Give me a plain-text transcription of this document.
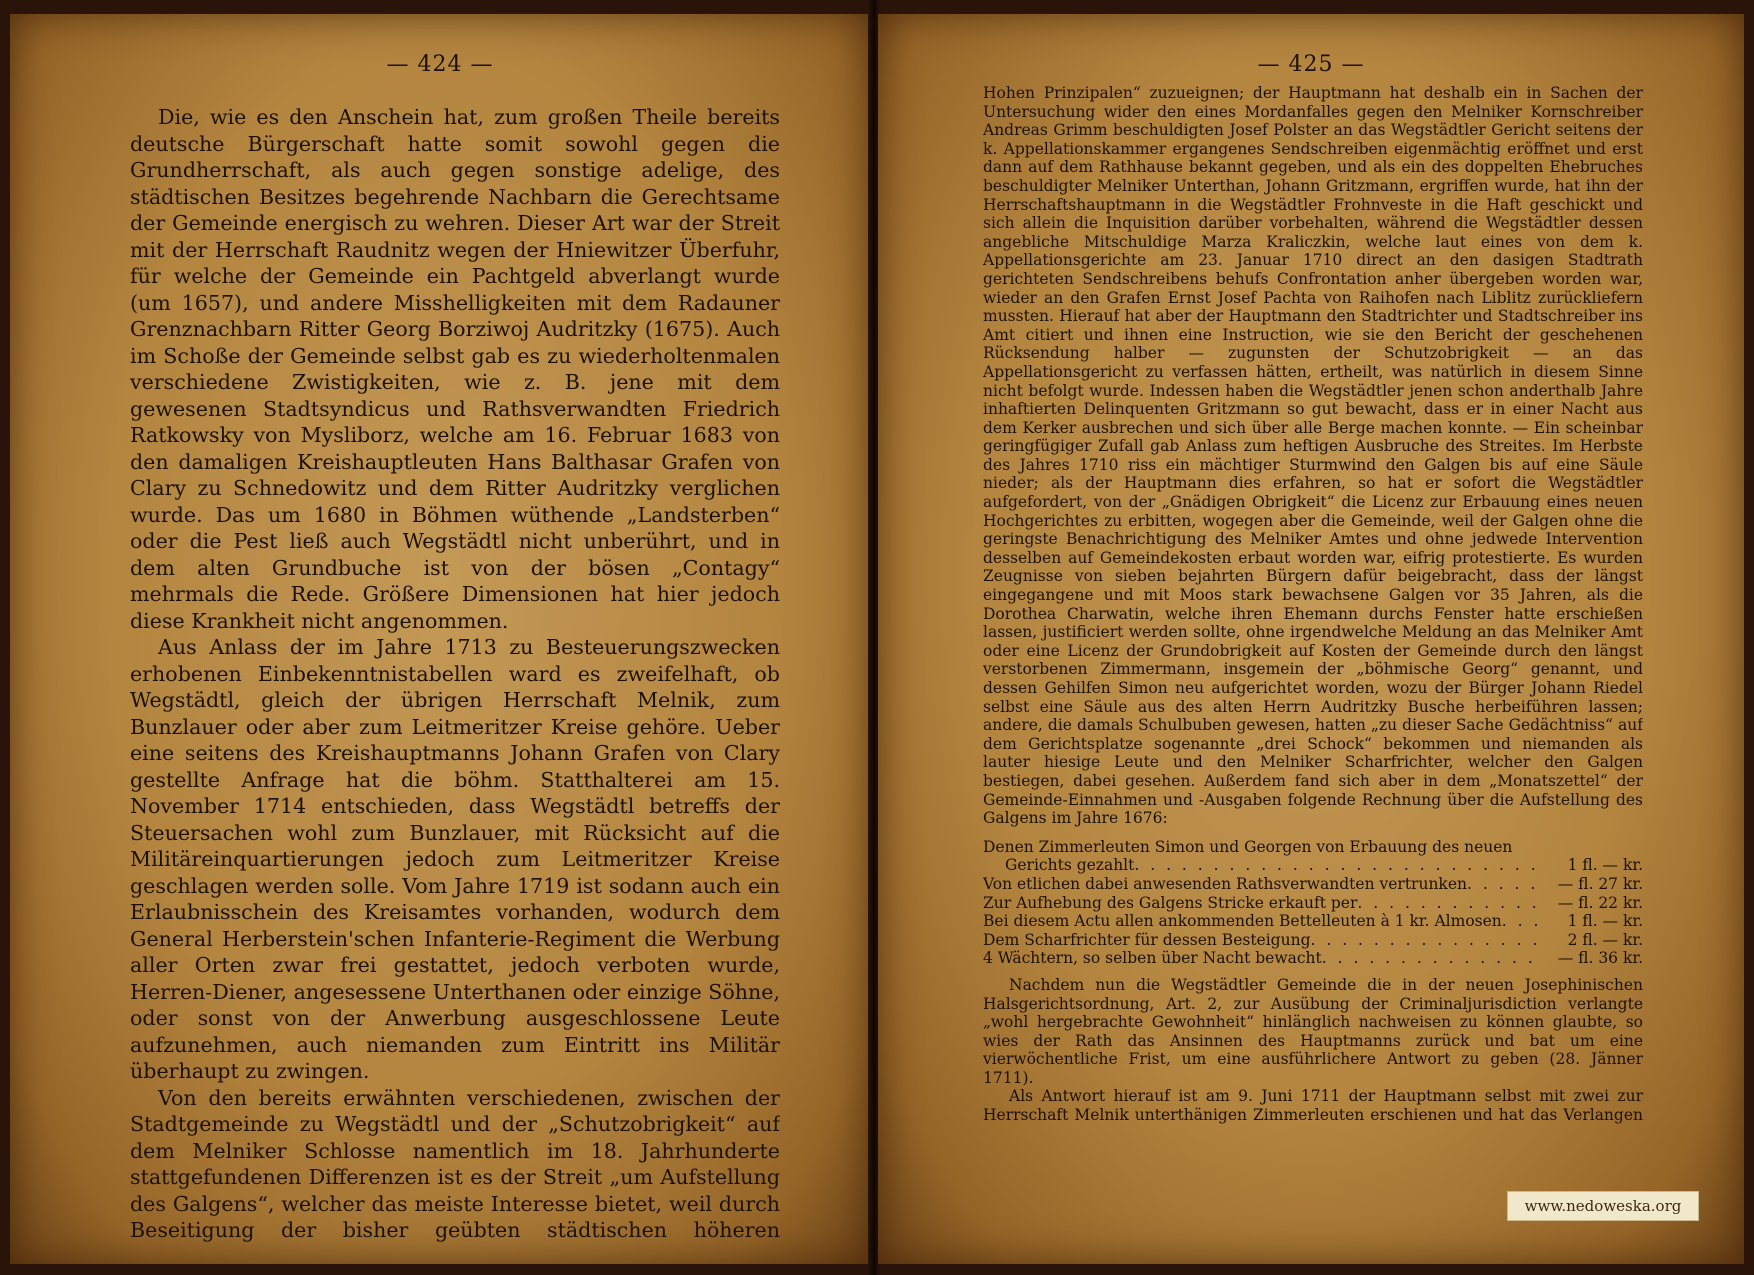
— 424 —

Die, wie es den Anschein hat, zum großen Theile bereits deutsche Bürgerschaft hatte somit sowohl gegen die Grundherrschaft, als auch gegen sonstige adelige, des städtischen Besitzes begehrende Nachbarn die Gerechtsame der Gemeinde energisch zu wehren. Dieser Art war der Streit mit der Herrschaft Raudnitz wegen der Hniewitzer Überfuhr, für welche der Gemeinde ein Pachtgeld abverlangt wurde (um 1657), und andere Misshelligkeiten mit dem Radauner Grenznachbarn Ritter Georg Borziwoj Audritzky (1675). Auch im Schoße der Gemeinde selbst gab es zu wiederholtenmalen verschiedene Zwistigkeiten, wie z. B. jene mit dem gewesenen Stadtsyndicus und Rathsverwandten Friedrich Ratkowsky von Mysliborz, welche am 16. Februar 1683 von den damaligen Kreishauptleuten Hans Balthasar Grafen von Clary zu Schnedowitz und dem Ritter Audritzky verglichen wurde. Das um 1680 in Böhmen wüthende „Landsterben“ oder die Pest ließ auch Wegstädtl nicht unberührt, und in dem alten Grundbuche ist von der bösen „Contagy“ mehrmals die Rede. Größere Dimensionen hat hier jedoch diese Krankheit nicht angenommen.

Aus Anlass der im Jahre 1713 zu Besteuerungszwecken erhobenen Einbekenntnistabellen ward es zweifelhaft, ob Wegstädtl, gleich der übrigen Herrschaft Melnik, zum Bunzlauer oder aber zum Leitmeritzer Kreise gehöre. Ueber eine seitens des Kreishauptmanns Johann Grafen von Clary gestellte Anfrage hat die böhm. Statthalterei am 15. November 1714 entschieden, dass Wegstädtl betreffs der Steuersachen wohl zum Bunzlauer, mit Rücksicht auf die Militäreinquartierungen jedoch zum Leitmeritzer Kreise geschlagen werden solle. Vom Jahre 1719 ist sodann auch ein Erlaubnisschein des Kreisamtes vorhanden, wodurch dem General Herberstein'schen Infanterie-Regiment die Werbung aller Orten zwar frei gestattet, jedoch verboten wurde, Herren-Diener, angesessene Unterthanen oder einzige Söhne, oder sonst von der Anwerbung ausgeschlossene Leute aufzunehmen, auch niemanden zum Eintritt ins Militär überhaupt zu zwingen.

Von den bereits erwähnten verschiedenen, zwischen der Stadtgemeinde zu Wegstädtl und der „Schutzobrigkeit“ auf dem Melniker Schlosse namentlich im 18. Jahrhunderte stattgefundenen Differenzen ist es der Streit „um Aufstellung des Galgens“, welcher das meiste Interesse bietet, weil durch Beseitigung der bisher geübten städtischen höheren

— 425 —

Hohen Prinzipalen“ zuzueignen; der Hauptmann hat deshalb ein in Sachen der Untersuchung wider den eines Mordanfalles gegen den Melniker Kornschreiber Andreas Grimm beschuldigten Josef Polster an das Wegstädtler Gericht seitens der k. Appellationskammer ergangenes Sendschreiben eigenmächtig eröffnet und erst dann auf dem Rathhause bekannt gegeben, und als ein des doppelten Ehebruches beschuldigter Melniker Unterthan, Johann Gritzmann, ergriffen wurde, hat ihn der Herrschaftshauptmann in die Wegstädtler Frohnveste in die Haft geschickt und sich allein die Inquisition darüber vorbehalten, während die Wegstädtler dessen angebliche Mitschuldige Marza Kraliczkin, welche laut eines von dem k. Appellationsgerichte am 23. Januar 1710 direct an den dasigen Stadtrath gerichteten Sendschreibens behufs Confrontation anher übergeben worden war, wieder an den Grafen Ernst Josef Pachta von Raihofen nach Liblitz zurückliefern mussten. Hierauf hat aber der Hauptmann den Stadtrichter und Stadtschreiber ins Amt citiert und ihnen eine Instruction, wie sie den Bericht der geschehenen Rücksendung halber — zugunsten der Schutzobrigkeit — an das Appellationsgericht zu verfassen hätten, ertheilt, was natürlich in diesem Sinne nicht befolgt wurde. Indessen haben die Wegstädtler jenen schon anderthalb Jahre inhaftierten Delinquenten Gritzmann so gut bewacht, dass er in einer Nacht aus dem Kerker ausbrechen und sich über alle Berge machen konnte. — Ein scheinbar geringfügiger Zufall gab Anlass zum heftigen Ausbruche des Streites. Im Herbste des Jahres 1710 riss ein mächtiger Sturmwind den Galgen bis auf eine Säule nieder; als der Hauptmann dies erfahren, so hat er sofort die Wegstädtler aufgefordert, von der „Gnädigen Obrigkeit“ die Licenz zur Erbauung eines neuen Hochgerichtes zu erbitten, wogegen aber die Gemeinde, weil der Galgen ohne die geringste Benachrichtigung des Melniker Amtes und ohne jedwede Intervention desselben auf Gemeindekosten erbaut worden war, eifrig protestierte. Es wurden Zeugnisse von sieben bejahrten Bürgern dafür beigebracht, dass der längst eingegangene und mit Moos stark bewachsene Galgen vor 35 Jahren, als die Dorothea Charwatin, welche ihren Ehemann durchs Fenster hatte erschießen lassen, justificiert werden sollte, ohne irgendwelche Meldung an das Melniker Amt oder eine Licenz der Grundobrigkeit auf Kosten der Gemeinde durch den längst verstorbenen Zimmermann, insgemein der „böhmische Georg“ genannt, und dessen Gehilfen Simon neu aufgerichtet worden, wozu der Bürger Johann Riedel selbst eine Säule aus des alten Herrn Audritzky Busche herbeiführen lassen; andere, die damals Schulbuben gewesen, hatten „zu dieser Sache Gedächtniss“ auf dem Gerichtsplatze sogenannte „drei Schock“ bekommen und niemanden als lauter hiesige Leute und den Melniker Scharfrichter, welcher den Galgen bestiegen, dabei gesehen. Außerdem fand sich aber in dem „Monatszettel“ der Gemeinde-Einnahmen und -Ausgaben folgende Rechnung über die Aufstellung des Galgens im Jahre 1676:

Denen Zimmerleuten Simon und Georgen von Erbauung des neuen
Gerichts gezahlt . . .	1 fl. — kr.
Von etlichen dabei anwesenden Rathsverwandten vertrunken . . .	— fl. 27 kr.
Zur Aufhebung des Galgens Stricke erkauft per . . .	— fl. 22 kr.
Bei diesem Actu allen ankommenden Bettelleuten à 1 kr. Almosen . . .	1 fl. — kr.
Dem Scharfrichter für dessen Besteigung . . .	2 fl. — kr.
4 Wächtern, so selben über Nacht bewacht . . .	— fl. 36 kr.

Nachdem nun die Wegstädtler Gemeinde die in der neuen Josephinischen Halsgerichtsordnung, Art. 2, zur Ausübung der Criminaljurisdiction verlangte „wohl hergebrachte Gewohnheit“ hinlänglich nachweisen zu können glaubte, so wies der Rath das Ansinnen des Hauptmanns zurück und bat um eine vierwöchentliche Frist, um eine ausführlichere Antwort zu geben (28. Jänner 1711).

Als Antwort hierauf ist am 9. Juni 1711 der Hauptmann selbst mit zwei zur Herrschaft Melnik unterthänigen Zimmerleuten erschienen und hat das Verlangen

www.nedoweska.org
